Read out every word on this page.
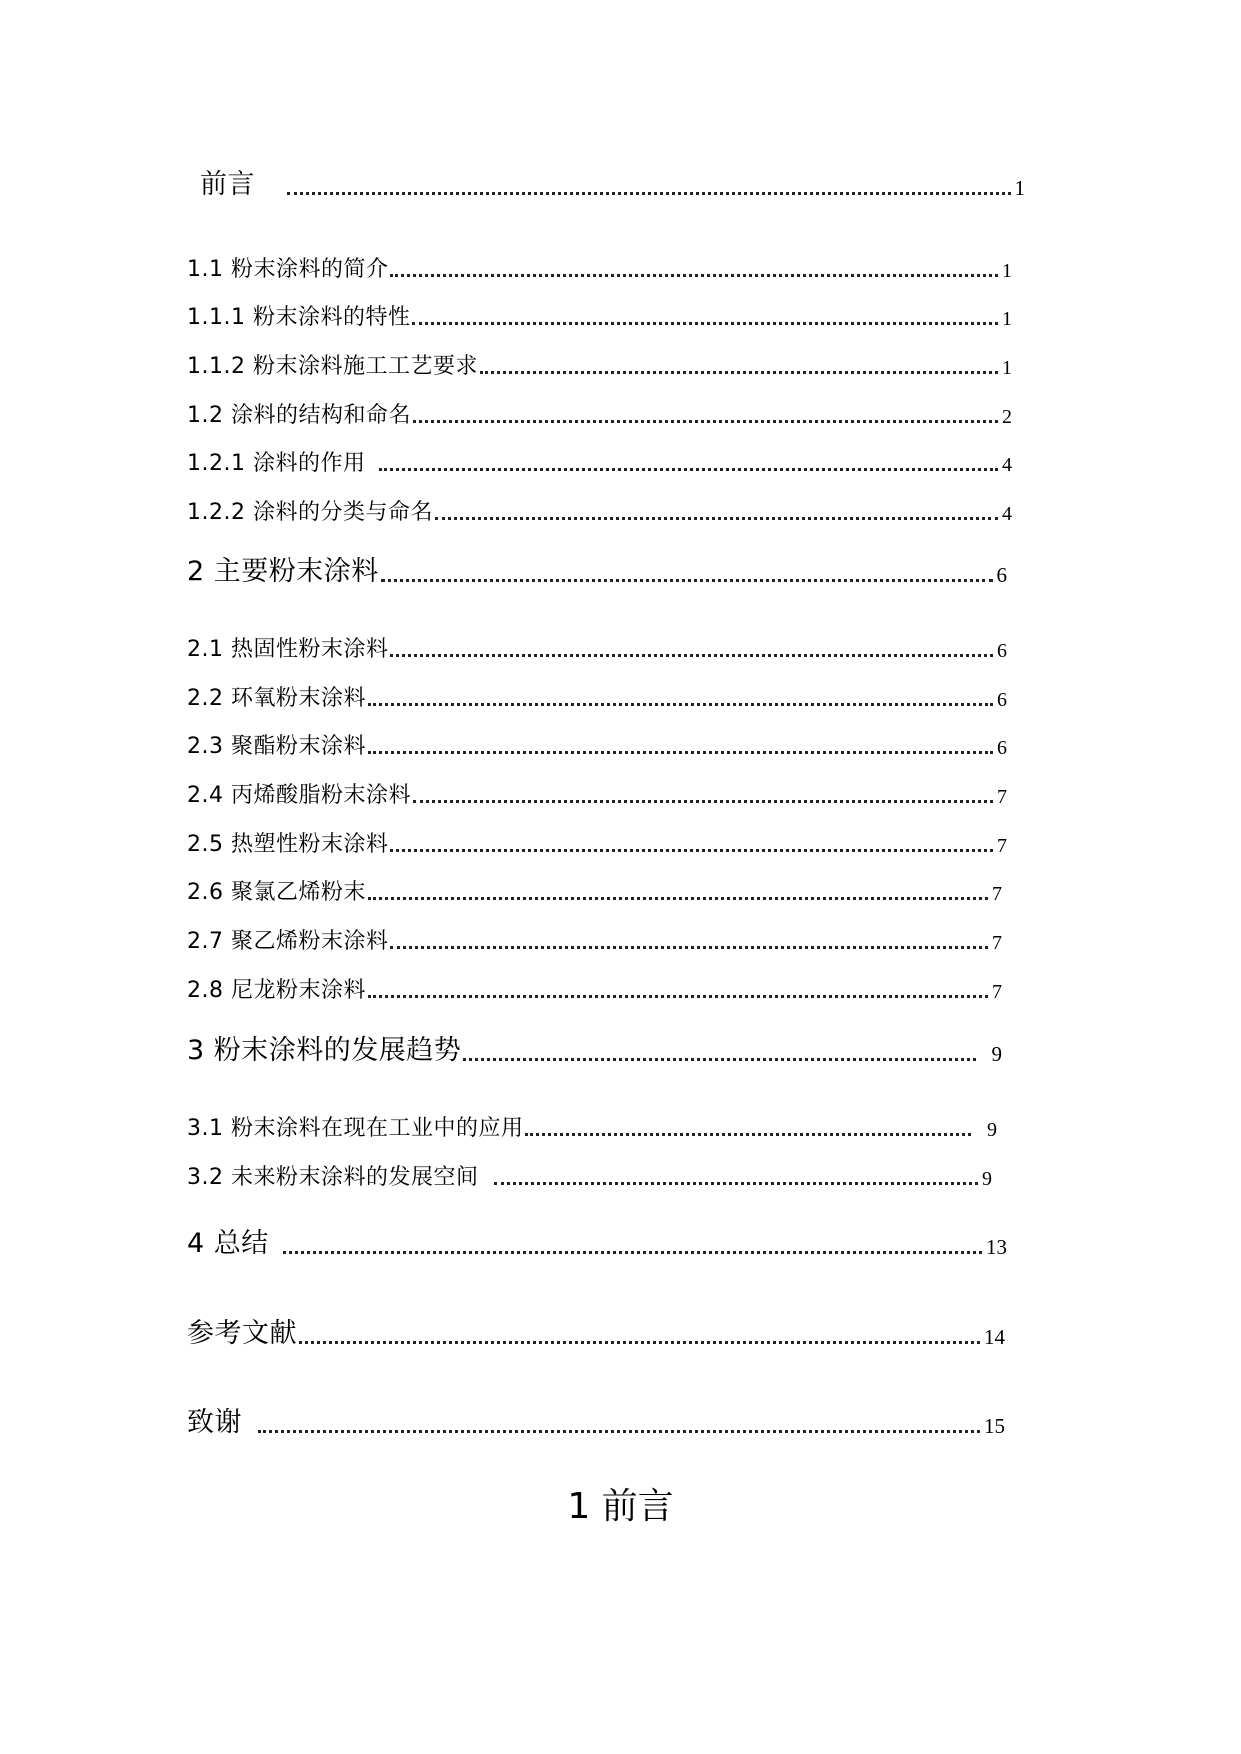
前言	1
1.1 粉末涂料的简介	1
1.1.1 粉末涂料的特性	1
1.1.2 粉末涂料施工工艺要求	1
1.2 涂料的结构和命名	2
1.2.1 涂料的作用	4
1.2.2 涂料的分类与命名	4
2 主要粉末涂料	6
2.1 热固性粉末涂料	6
2.2 环氧粉末涂料	6
2.3 聚酯粉末涂料	6
2.4 丙烯酸脂粉末涂料	7
2.5 热塑性粉末涂料	7
2.6 聚氯乙烯粉末	7
2.7 聚乙烯粉末涂料	7
2.8 尼龙粉末涂料	7
3 粉末涂料的发展趋势	9
3.1 粉末涂料在现在工业中的应用	9
3.2 未来粉末涂料的发展空间	9
4 总结	13
参考文献	14
致谢	15
1 前言
